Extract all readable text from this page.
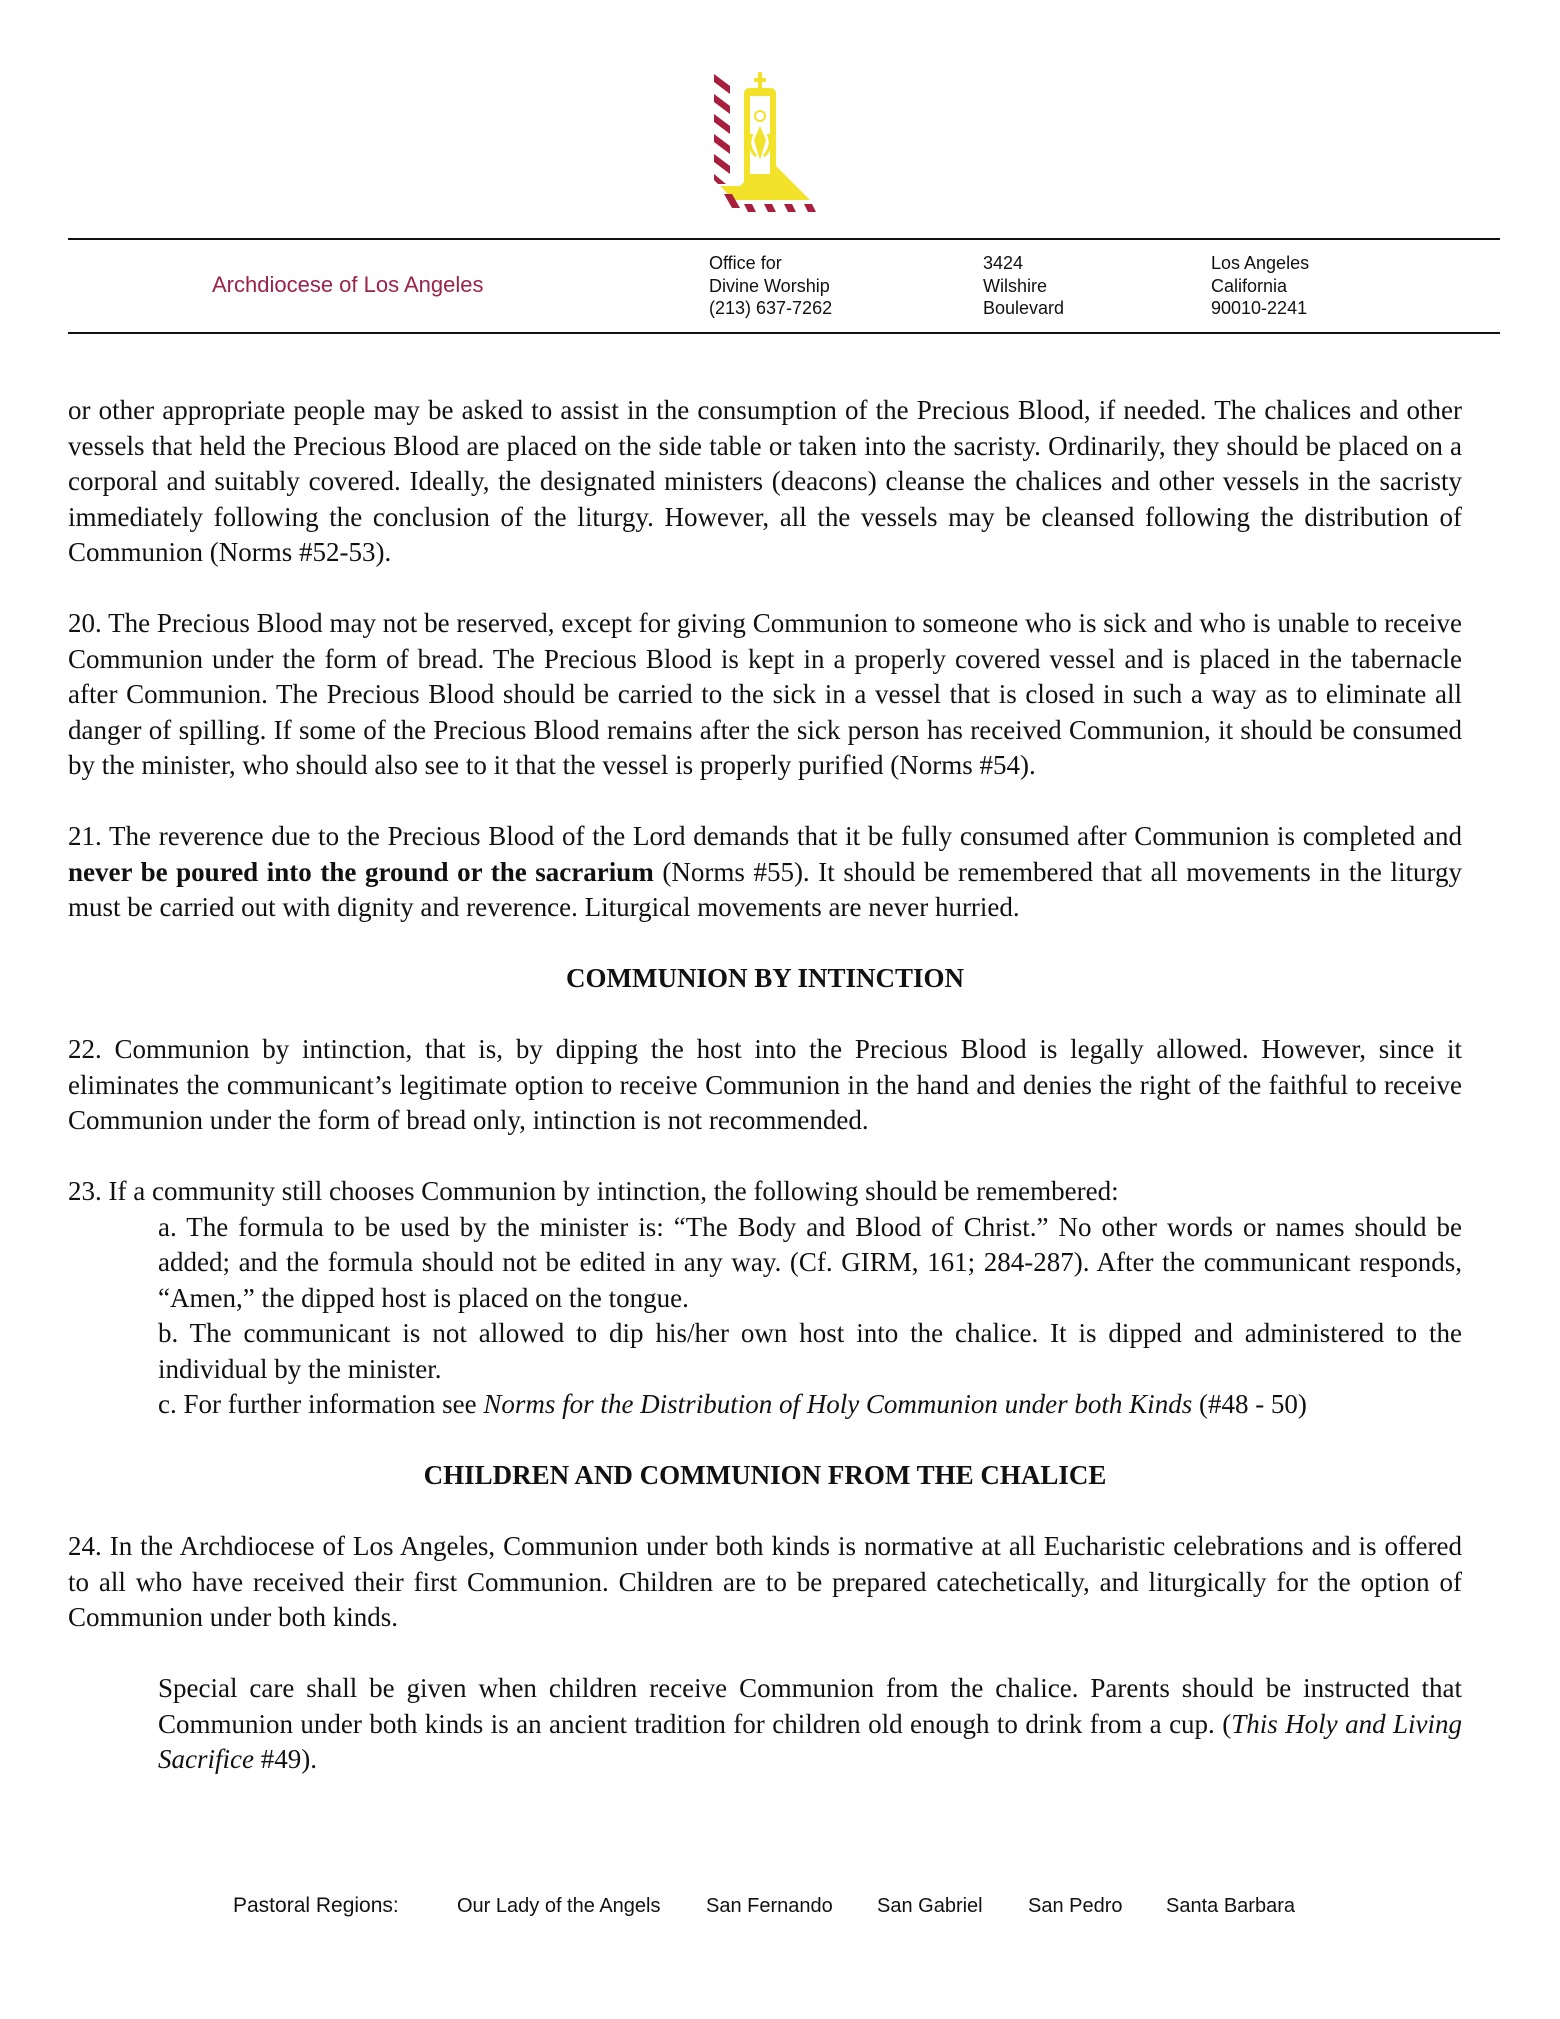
Archdiocese of Los Angeles
Office for
Divine Worship
(213) 637-7262
3424
Wilshire
Boulevard
Los Angeles
California
90010-2241

or other appropriate people may be asked to assist in the consumption of the Precious Blood, if needed. The chalices and other vessels that held the Precious Blood are placed on the side table or taken into the sacristy. Ordinarily, they should be placed on a corporal and suitably covered. Ideally, the designated ministers (deacons) cleanse the chalices and other vessels in the sacristy immediately following the conclusion of the liturgy. However, all the vessels may be cleansed following the distribution of Communion (Norms #52-53).

20. The Precious Blood may not be reserved, except for giving Communion to someone who is sick and who is unable to receive Communion under the form of bread. The Precious Blood is kept in a properly covered vessel and is placed in the tabernacle after Communion. The Precious Blood should be carried to the sick in a vessel that is closed in such a way as to eliminate all danger of spilling. If some of the Precious Blood remains after the sick person has received Communion, it should be consumed by the minister, who should also see to it that the vessel is properly purified (Norms #54).

21. The reverence due to the Precious Blood of the Lord demands that it be fully consumed after Communion is completed and never be poured into the ground or the sacrarium (Norms #55). It should be remembered that all movements in the liturgy must be carried out with dignity and reverence. Liturgical movements are never hurried.

COMMUNION BY INTINCTION

22. Communion by intinction, that is, by dipping the host into the Precious Blood is legally allowed. However, since it eliminates the communicant’s legitimate option to receive Communion in the hand and denies the right of the faithful to receive Communion under the form of bread only, intinction is not recommended.

23. If a community still chooses Communion by intinction, the following should be remembered:
a. The formula to be used by the minister is: “The Body and Blood of Christ.” No other words or names should be added; and the formula should not be edited in any way. (Cf. GIRM, 161; 284-287). After the communicant responds, “Amen,” the dipped host is placed on the tongue.
b. The communicant is not allowed to dip his/her own host into the chalice. It is dipped and administered to the individual by the minister.
c. For further information see Norms for the Distribution of Holy Communion under both Kinds (#48 - 50)
CHILDREN AND COMMUNION FROM THE CHALICE

24. In the Archdiocese of Los Angeles, Communion under both kinds is normative at all Eucharistic celebrations and is offered to all who have received their first Communion. Children are to be prepared catechetically, and liturgically for the option of Communion under both kinds.

Special care shall be given when children receive Communion from the chalice. Parents should be instructed that Communion under both kinds is an ancient tradition for children old enough to drink from a cup. (This Holy and Living Sacrifice #49).

Pastoral Regions:	Our Lady of the Angels San Fernando San Gabriel San Pedro Santa Barbara
